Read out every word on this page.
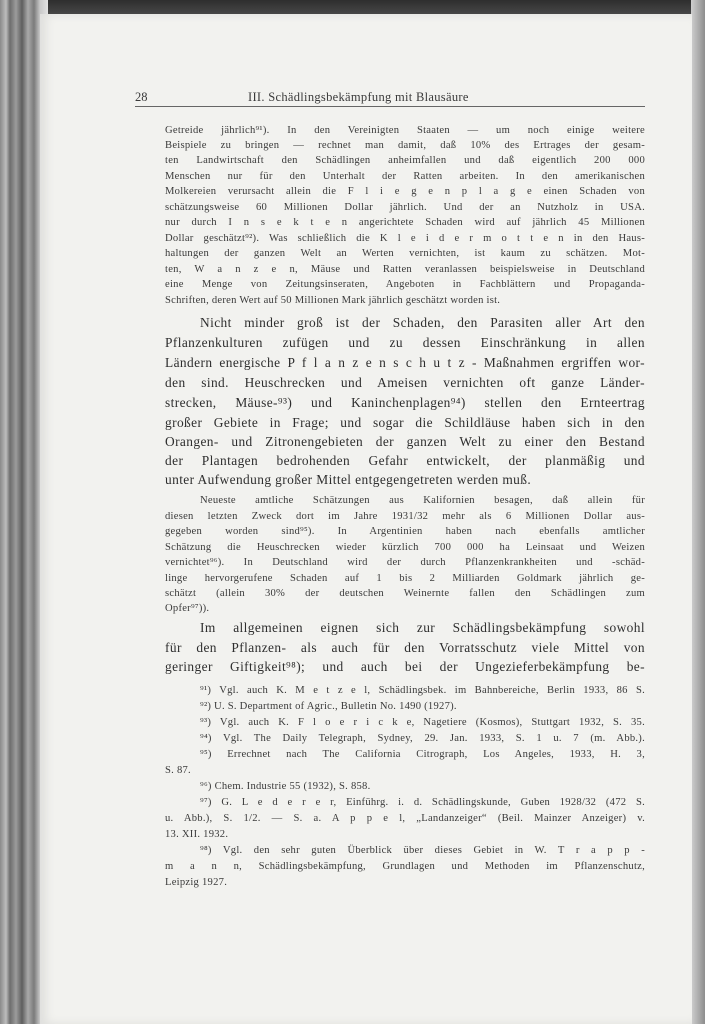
28	III. Schädlingsbekämpfung mit Blausäure
Getreide jährlich⁹¹). In den Vereinigten Staaten — um noch einige weitere
Beispiele zu bringen — rechnet man damit, daß 10% des Ertrages der gesam-
ten Landwirtschaft den Schädlingen anheimfallen und daß eigentlich 200 000
Menschen nur für den Unterhalt der Ratten arbeiten. In den amerikanischen
Molkereien verursacht allein die F l i e g e n p l a g e einen Schaden von
schätzungsweise 60 Millionen Dollar jährlich. Und der an Nutzholz in USA.
nur durch I n s e k t e n angerichtete Schaden wird auf jährlich 45 Millionen
Dollar geschätzt⁹²). Was schließlich die K l e i d e r m o t t e n in den Haus-
haltungen der ganzen Welt an Werten vernichten, ist kaum zu schätzen. Mot-
ten, W a n z e n, Mäuse und Ratten veranlassen beispielsweise in Deutschland
eine Menge von Zeitungsinseraten, Angeboten in Fachblättern und Propaganda-
Schriften, deren Wert auf 50 Millionen Mark jährlich geschätzt worden ist.
Nicht minder groß ist der Schaden, den Parasiten aller Art den
Pflanzenkulturen zufügen und zu dessen Einschränkung in allen
Ländern energische P f l a n z e n s c h u t z - Maßnahmen ergriffen wor-
den sind. Heuschrecken und Ameisen vernichten oft ganze Länder-
strecken, Mäuse-⁹³) und Kaninchenplagen⁹⁴) stellen den Ernteertrag
großer Gebiete in Frage; und sogar die Schildläuse haben sich in den
Orangen- und Zitronengebieten der ganzen Welt zu einer den Bestand
der Plantagen bedrohenden Gefahr entwickelt, der planmäßig und
unter Aufwendung großer Mittel entgegengetreten werden muß.
Neueste amtliche Schätzungen aus Kalifornien besagen, daß allein für
diesen letzten Zweck dort im Jahre 1931/32 mehr als 6 Millionen Dollar aus-
gegeben worden sind⁹⁵). In Argentinien haben nach ebenfalls amtlicher
Schätzung die Heuschrecken wieder kürzlich 700 000 ha Leinsaat und Weizen
vernichtet⁹⁶). In Deutschland wird der durch Pflanzenkrankheiten und -schäd-
linge hervorgerufene Schaden auf 1 bis 2 Milliarden Goldmark jährlich ge-
schätzt (allein 30% der deutschen Weinernte fallen den Schädlingen zum
Opfer⁹⁷)).
Im allgemeinen eignen sich zur Schädlingsbekämpfung sowohl
für den Pflanzen- als auch für den Vorratsschutz viele Mittel von
geringer Giftigkeit⁹⁸); und auch bei der Ungezieferbekämpfung be-
⁹¹) Vgl. auch K. M e t z e l, Schädlingsbek. im Bahnbereiche, Berlin 1933, 86 S.
⁹²) U. S. Department of Agric., Bulletin No. 1490 (1927).
⁹³) Vgl. auch K. F l o e r i c k e, Nagetiere (Kosmos), Stuttgart 1932, S. 35.
⁹⁴) Vgl. The Daily Telegraph, Sydney, 29. Jan. 1933, S. 1 u. 7 (m. Abb.).
⁹⁵) Errechnet nach The California Citrograph, Los Angeles, 1933, H. 3,
S. 87.
⁹⁶) Chem. Industrie 55 (1932), S. 858.
⁹⁷) G. L e d e r e r, Einführg. i. d. Schädlingskunde, Guben 1928/32 (472 S.
u. Abb.), S. 1/2. — S. a. A p p e l, „Landanzeiger“ (Beil. Mainzer Anzeiger) v.
13. XII. 1932.
⁹⁸) Vgl. den sehr guten Überblick über dieses Gebiet in W. T r a p p -
m a n n, Schädlingsbekämpfung, Grundlagen und Methoden im Pflanzenschutz,
Leipzig 1927.
